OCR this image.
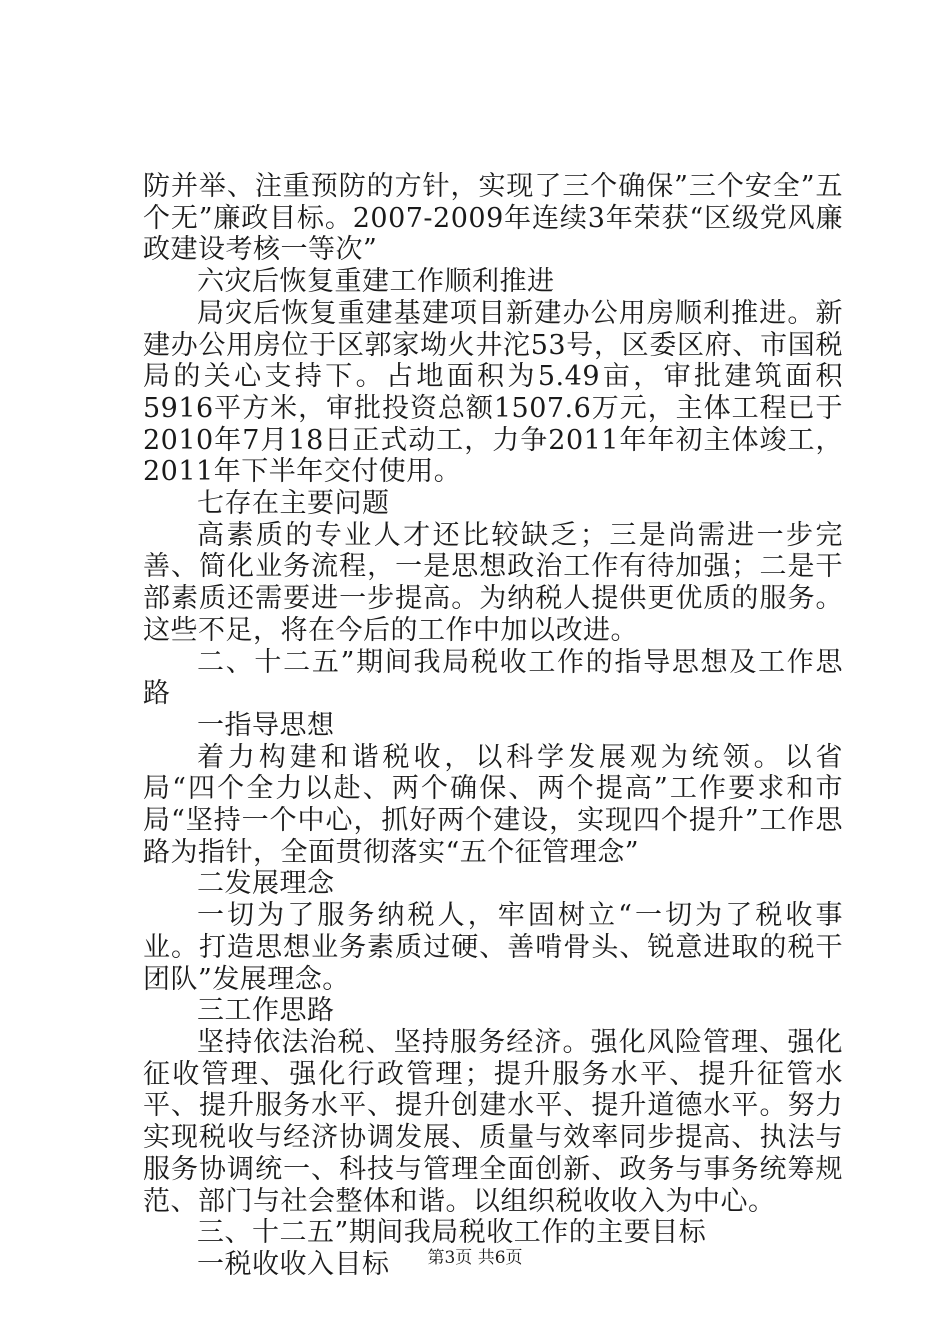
防并举、注重预防的方针，实现了三个确保”三个安全”五个无”廉政目标。2007-2009年连续3年荣获“区级党风廉政建设考核一等次”

六灾后恢复重建工作顺利推进

局灾后恢复重建基建项目新建办公用房顺利推进。新建办公用房位于区郭家坳火井沱53号，区委区府、市国税局的关心支持下。占地面积为5.49亩，审批建筑面积5916平方米，审批投资总额1507.6万元，主体工程已于2010年7月18日正式动工，力争2011年年初主体竣工，2011年下半年交付使用。

七存在主要问题

高素质的专业人才还比较缺乏；三是尚需进一步完善、简化业务流程，一是思想政治工作有待加强；二是干部素质还需要进一步提高。为纳税人提供更优质的服务。这些不足，将在今后的工作中加以改进。

二、十二五”期间我局税收工作的指导思想及工作思路

一指导思想

着力构建和谐税收，以科学发展观为统领。以省局“四个全力以赴、两个确保、两个提高”工作要求和市局“坚持一个中心，抓好两个建设，实现四个提升”工作思路为指针，全面贯彻落实“五个征管理念”

二发展理念

一切为了服务纳税人，牢固树立“一切为了税收事业。打造思想业务素质过硬、善啃骨头、锐意进取的税干团队”发展理念。

三工作思路

坚持依法治税、坚持服务经济。强化风险管理、强化征收管理、强化行政管理；提升服务水平、提升征管水平、提升服务水平、提升创建水平、提升道德水平。努力实现税收与经济协调发展、质量与效率同步提高、执法与服务协调统一、科技与管理全面创新、政务与事务统筹规范、部门与社会整体和谐。以组织税收收入为中心。

三、十二五”期间我局税收工作的主要目标

一税收收入目标	第3页 共6页
